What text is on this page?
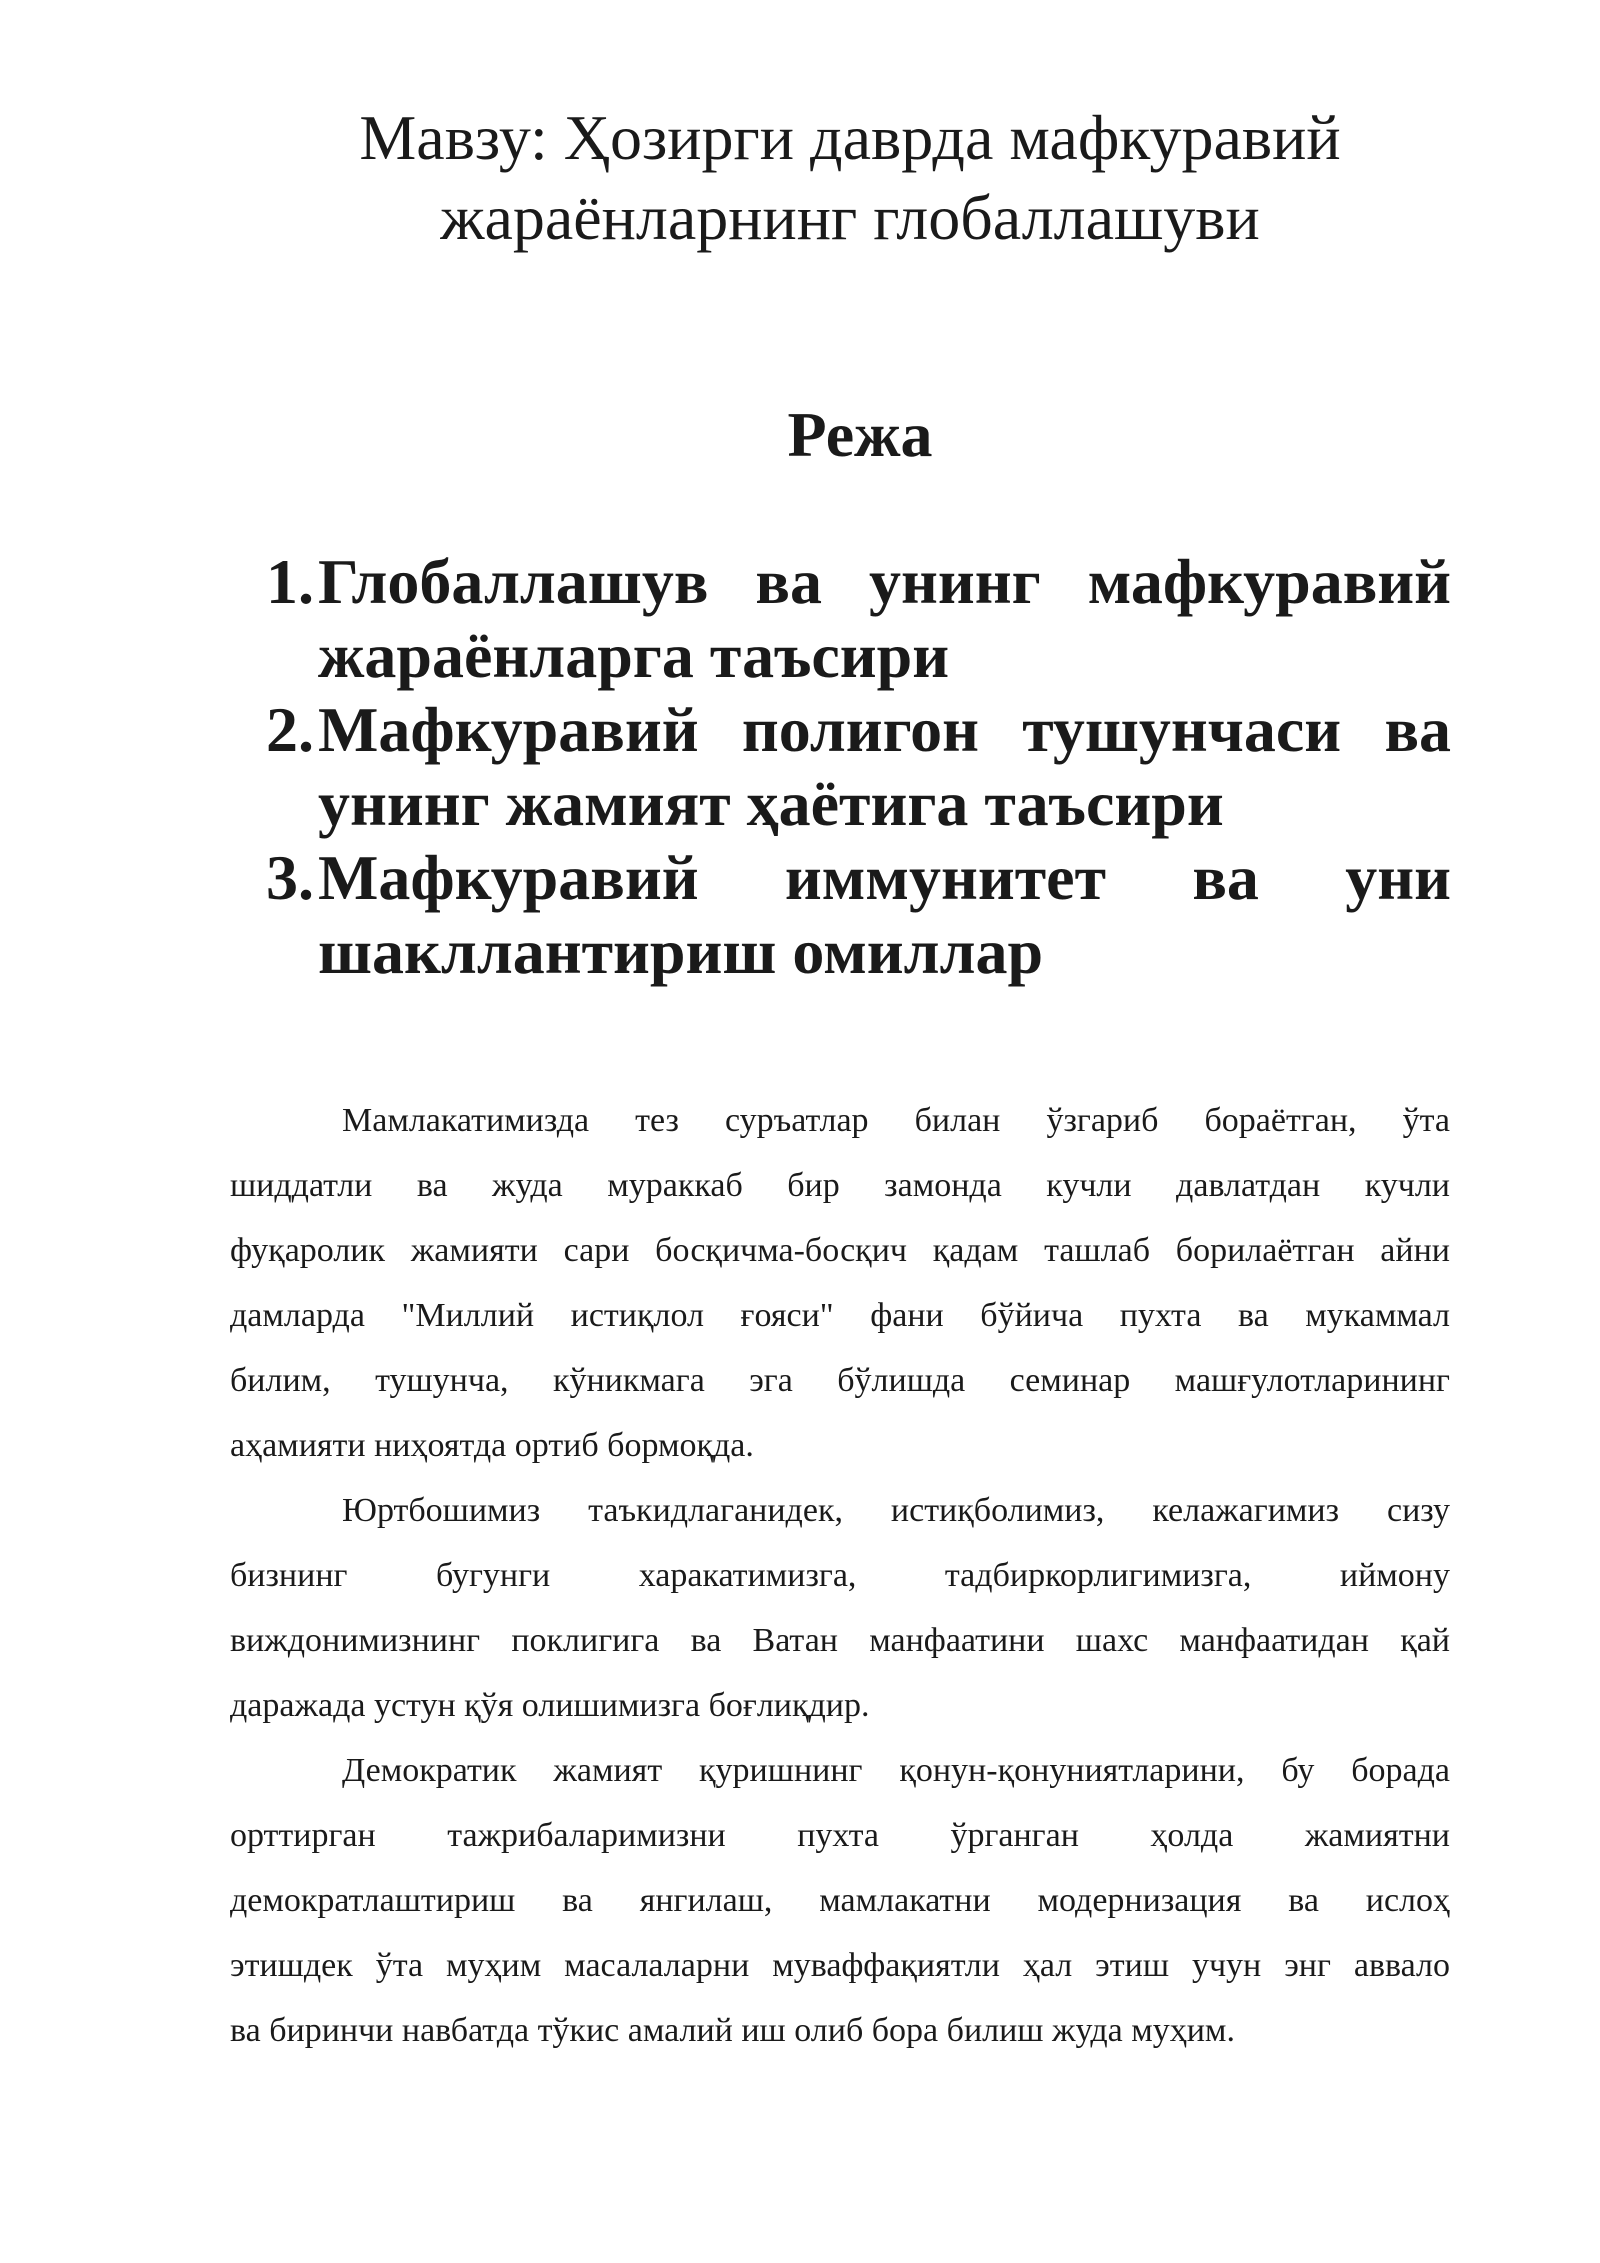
Мавзу: Ҳозирги даврда мафкуравий
жараёнларнинг глобаллашуви
Режа
1. Глобаллашув ва унинг мафкуравий
жараёнларга таъсири
2. Мафкуравий полигон тушунчаси ва
унинг жамият ҳаётига таъсири
3. Мафкуравий иммунитет ва уни
шакллантириш омиллар

Мамлакатимизда тез суръатлар билан ўзгариб бораётган, ўта
шиддатли ва жуда мураккаб бир замонда кучли давлатдан кучли
фуқаролик жамияти сари босқичма-босқич қадам ташлаб борилаётган айни
дамларда "Миллий истиқлол ғояси" фани бўйича пухта ва мукаммал
билим, тушунча, кўникмага эга бўлишда семинар машғулотларининг
аҳамияти ниҳоятда ортиб бормоқда.

Юртбошимиз таъкидлаганидек, истиқболимиз, келажагимиз сизу
бизнинг бугунги харакатимизга, тадбиркорлигимизга, иймону
виждонимизнинг поклигига ва Ватан манфаатини шахс манфаатидан қай
даражада устун қўя олишимизга боғлиқдир.

Демократик жамият қуришнинг қонун-қонуниятларини, бу борада
орттирган тажрибаларимизни пухта ўрганган ҳолда жамиятни
демократлаштириш ва янгилаш, мамлакатни модернизация ва ислоҳ
этишдек ўта муҳим масалаларни муваффақиятли ҳал этиш учун энг аввало
ва биринчи навбатда тўкис амалий иш олиб бора билиш жуда муҳим.
